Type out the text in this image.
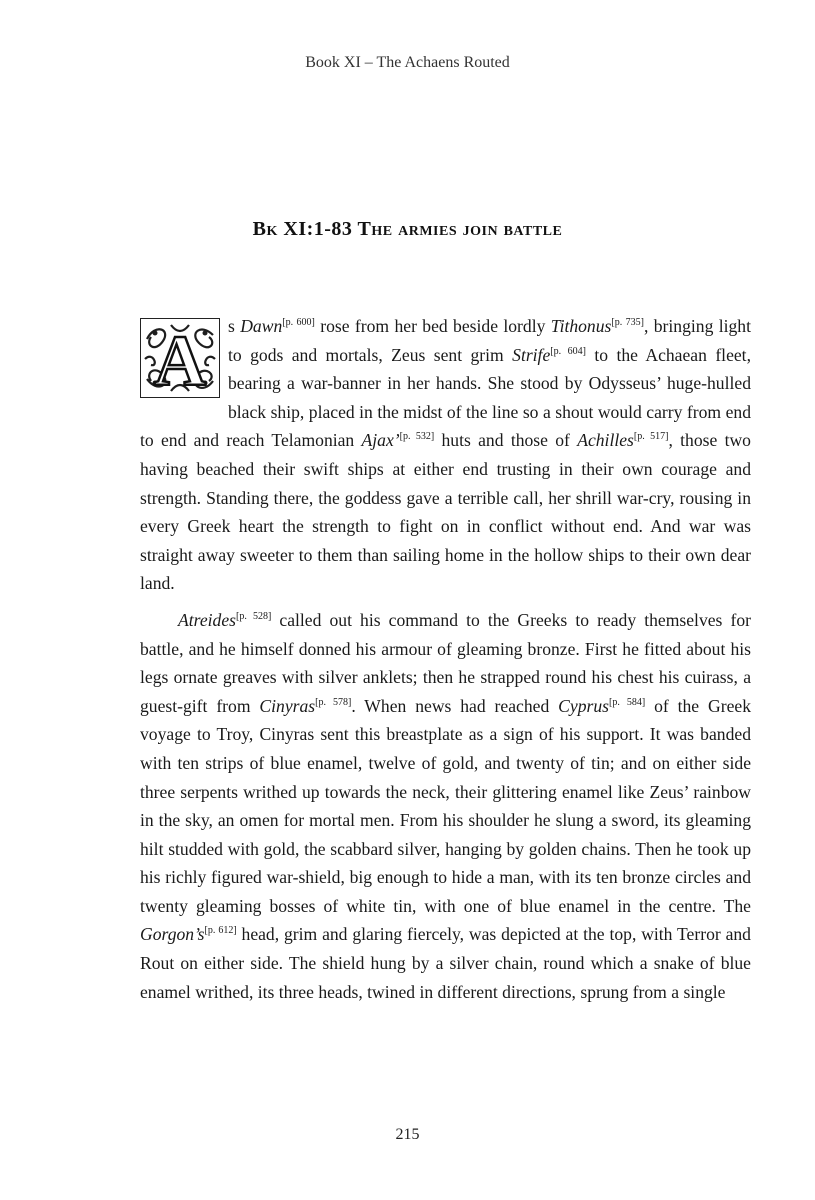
Book XI – The Achaens Routed
Bk XI:1-83 The armies join battle

A s Dawn[p. 600] rose from her bed beside lordly Tithonus[p. 735], bringing light to gods and mortals, Zeus sent grim Strife[p. 604] to the Achaean fleet, bearing a war-banner in her hands. She stood by Odysseus’ huge-hulled black ship, placed in the midst of the line so a shout would carry from end to end and reach Telamonian Ajax’[p. 532] huts and those of Achilles[p. 517], those two having beached their swift ships at either end trusting in their own courage and strength. Standing there, the goddess gave a terrible call, her shrill war-cry, rousing in every Greek heart the strength to fight on in conflict without end. And war was straight away sweeter to them than sailing home in the hollow ships to their own dear land.

Atreides[p. 528] called out his command to the Greeks to ready themselves for battle, and he himself donned his armour of gleaming bronze. First he fitted about his legs ornate greaves with silver anklets; then he strapped round his chest his cuirass, a guest-gift from Cinyras[p. 578]. When news had reached Cyprus[p. 584] of the Greek voyage to Troy, Cinyras sent this breastplate as a sign of his support. It was banded with ten strips of blue enamel, twelve of gold, and twenty of tin; and on either side three serpents writhed up towards the neck, their glittering enamel like Zeus’ rainbow in the sky, an omen for mortal men. From his shoulder he slung a sword, its gleaming hilt studded with gold, the scabbard silver, hanging by golden chains. Then he took up his richly figured war-shield, big enough to hide a man, with its ten bronze circles and twenty gleaming bosses of white tin, with one of blue enamel in the centre. The Gorgon’s[p. 612] head, grim and glaring fiercely, was depicted at the top, with Terror and Rout on either side. The shield hung by a silver chain, round which a snake of blue enamel writhed, its three heads, twined in different directions, sprung from a single

215
